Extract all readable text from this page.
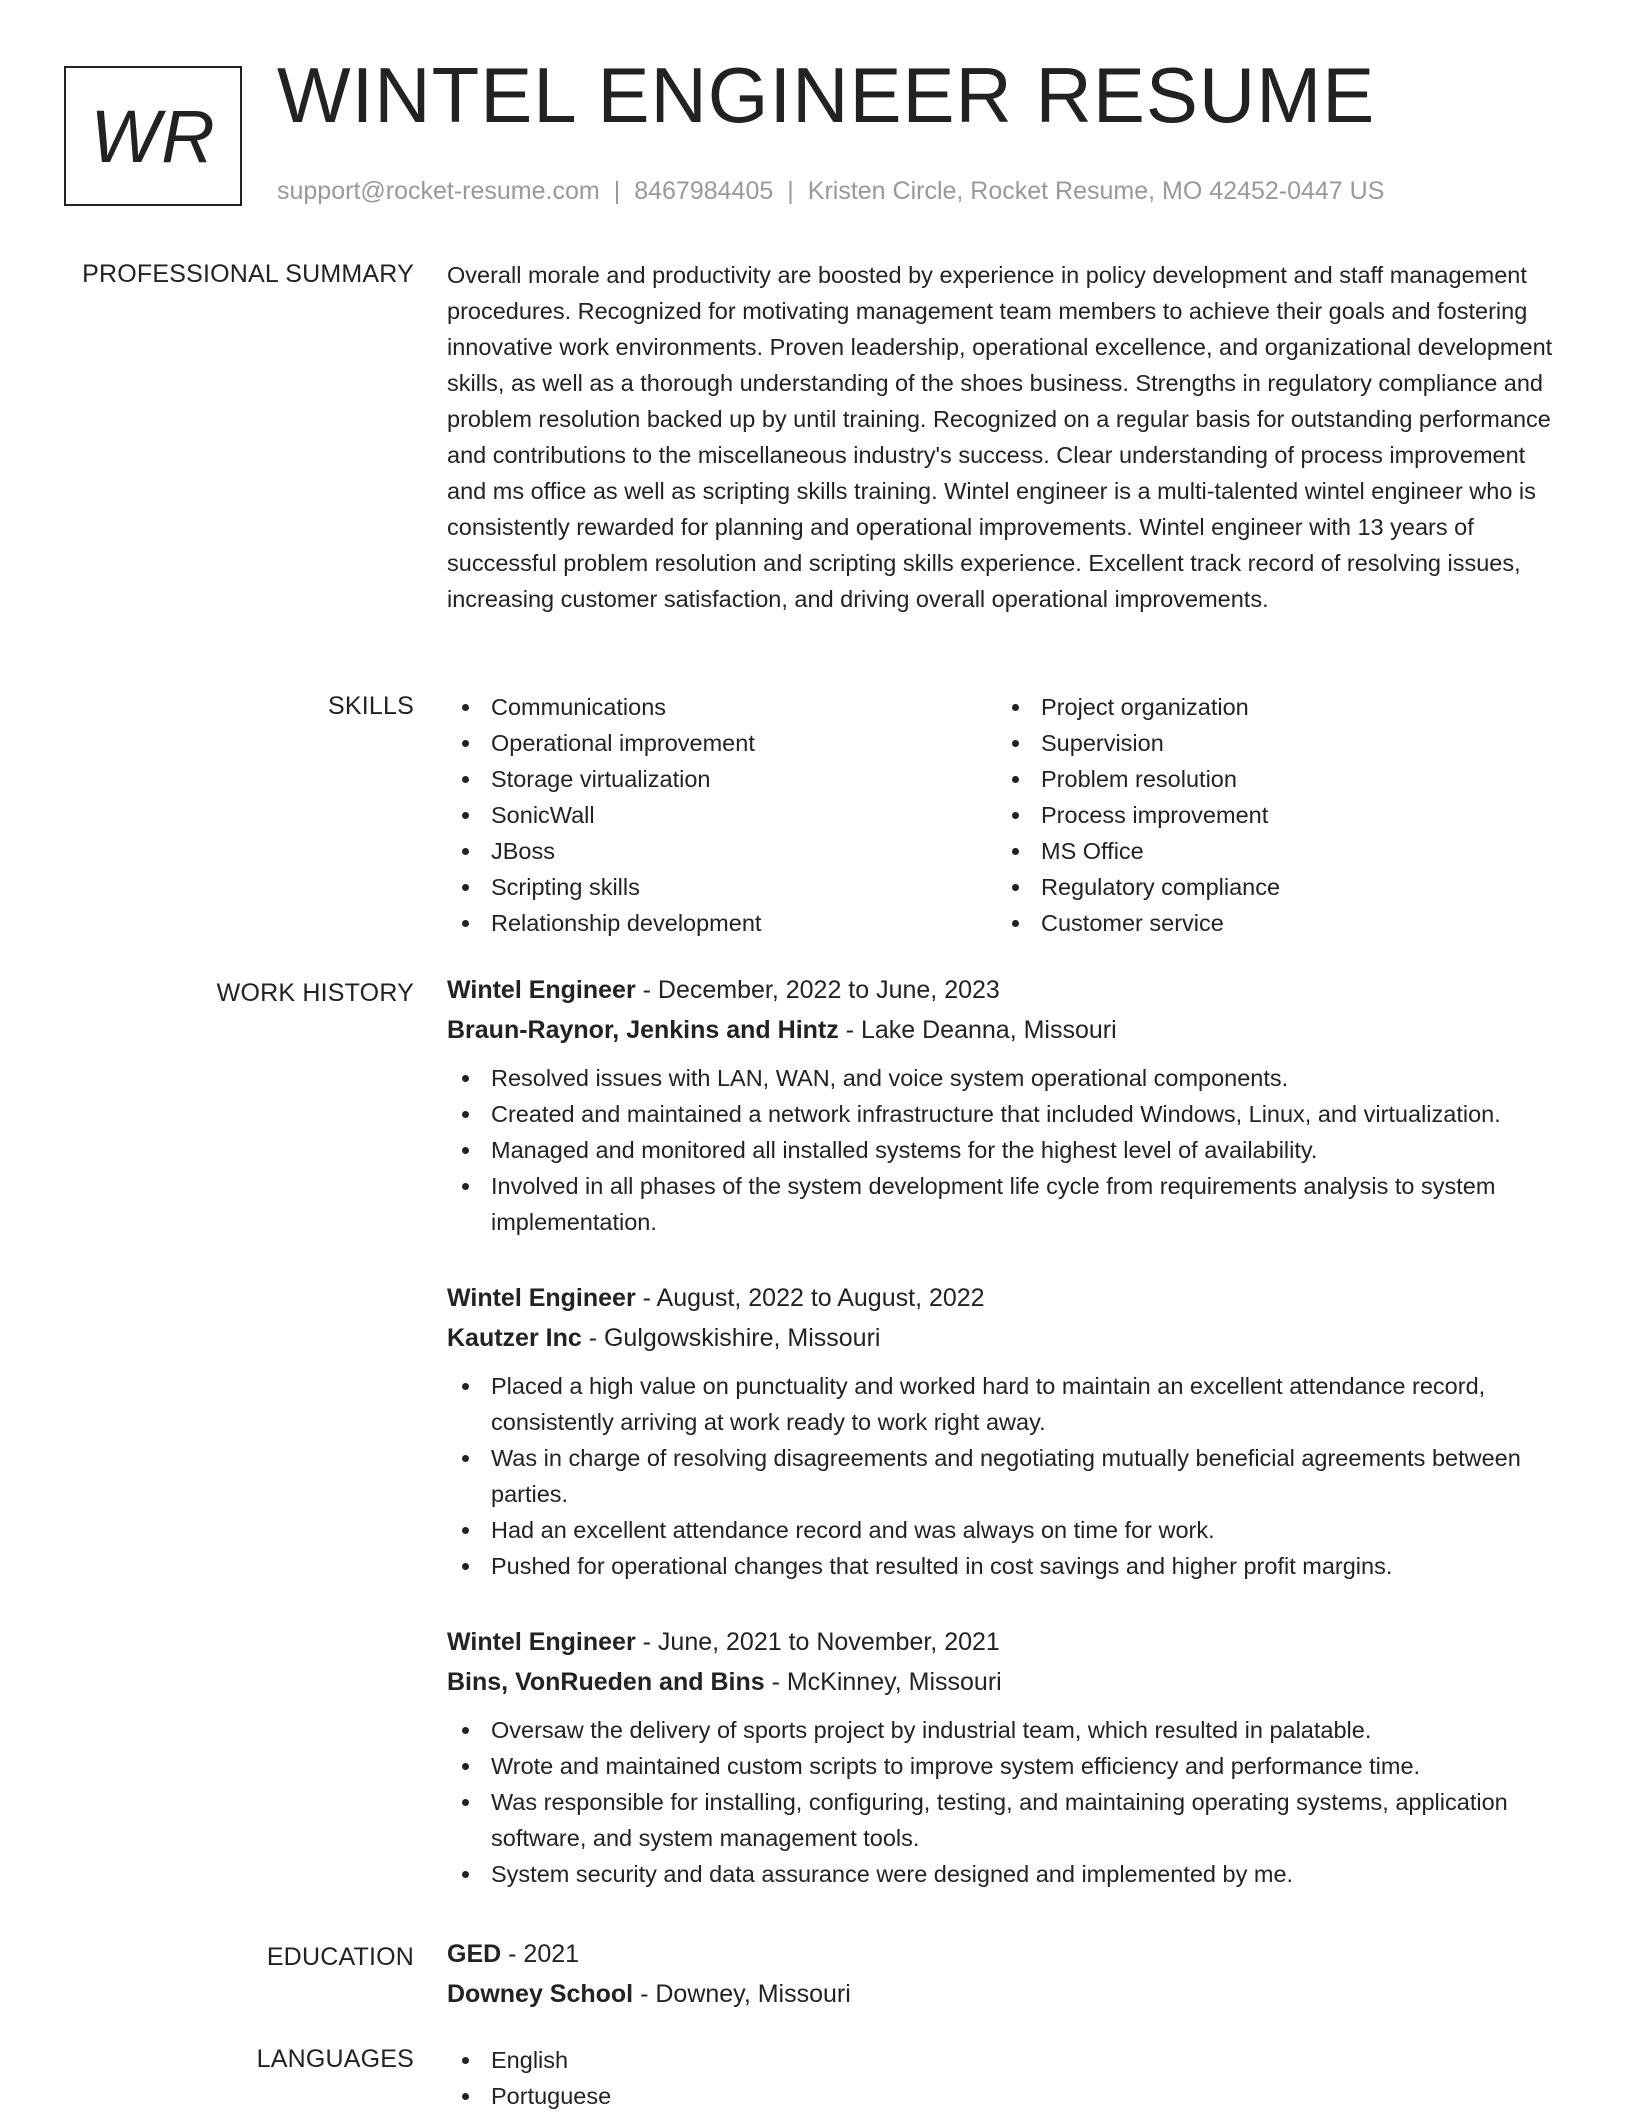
WR WINTEL ENGINEER RESUME
support@rocket-resume.com | 8467984405 | Kristen Circle, Rocket Resume, MO 42452-0447 US
PROFESSIONAL SUMMARY Overall morale and productivity are boosted by experience in policy development and staff management procedures. Recognized for motivating management team members to achieve their goals and fostering innovative work environments. Proven leadership, operational excellence, and organizational development skills, as well as a thorough understanding of the shoes business. Strengths in regulatory compliance and problem resolution backed up by until training. Recognized on a regular basis for outstanding performance and contributions to the miscellaneous industry's success. Clear understanding of process improvement and ms office as well as scripting skills training. Wintel engineer is a multi-talented wintel engineer who is consistently rewarded for planning and operational improvements. Wintel engineer with 13 years of successful problem resolution and scripting skills experience. Excellent track record of resolving issues, increasing customer satisfaction, and driving overall operational improvements.

SKILLS	Communications
Operational improvement
Storage virtualization
SonicWall
JBoss
Scripting skills
Relationship development
Project organization
Supervision
Problem resolution
Process improvement
MS Office
Regulatory compliance
Customer service
WORK HISTORY Wintel Engineer - December, 2022 to June, 2023
Braun-Raynor, Jenkins and Hintz - Lake Deanna, Missouri
Resolved issues with LAN, WAN, and voice system operational components.
Created and maintained a network infrastructure that included Windows, Linux, and virtualization.
Managed and monitored all installed systems for the highest level of availability.
Involved in all phases of the system development life cycle from requirements analysis to system implementation.
Wintel Engineer - August, 2022 to August, 2022
Kautzer Inc - Gulgowskishire, Missouri
Placed a high value on punctuality and worked hard to maintain an excellent attendance record, consistently arriving at work ready to work right away.
Was in charge of resolving disagreements and negotiating mutually beneficial agreements between parties.
Had an excellent attendance record and was always on time for work.
Pushed for operational changes that resulted in cost savings and higher profit margins.
Wintel Engineer - June, 2021 to November, 2021
Bins, VonRueden and Bins - McKinney, Missouri
Oversaw the delivery of sports project by industrial team, which resulted in palatable.
Wrote and maintained custom scripts to improve system efficiency and performance time.
Was responsible for installing, configuring, testing, and maintaining operating systems, application software, and system management tools.
System security and data assurance were designed and implemented by me.
EDUCATION GED - 2021
Downey School - Downey, Missouri
LANGUAGES	English
Portuguese
